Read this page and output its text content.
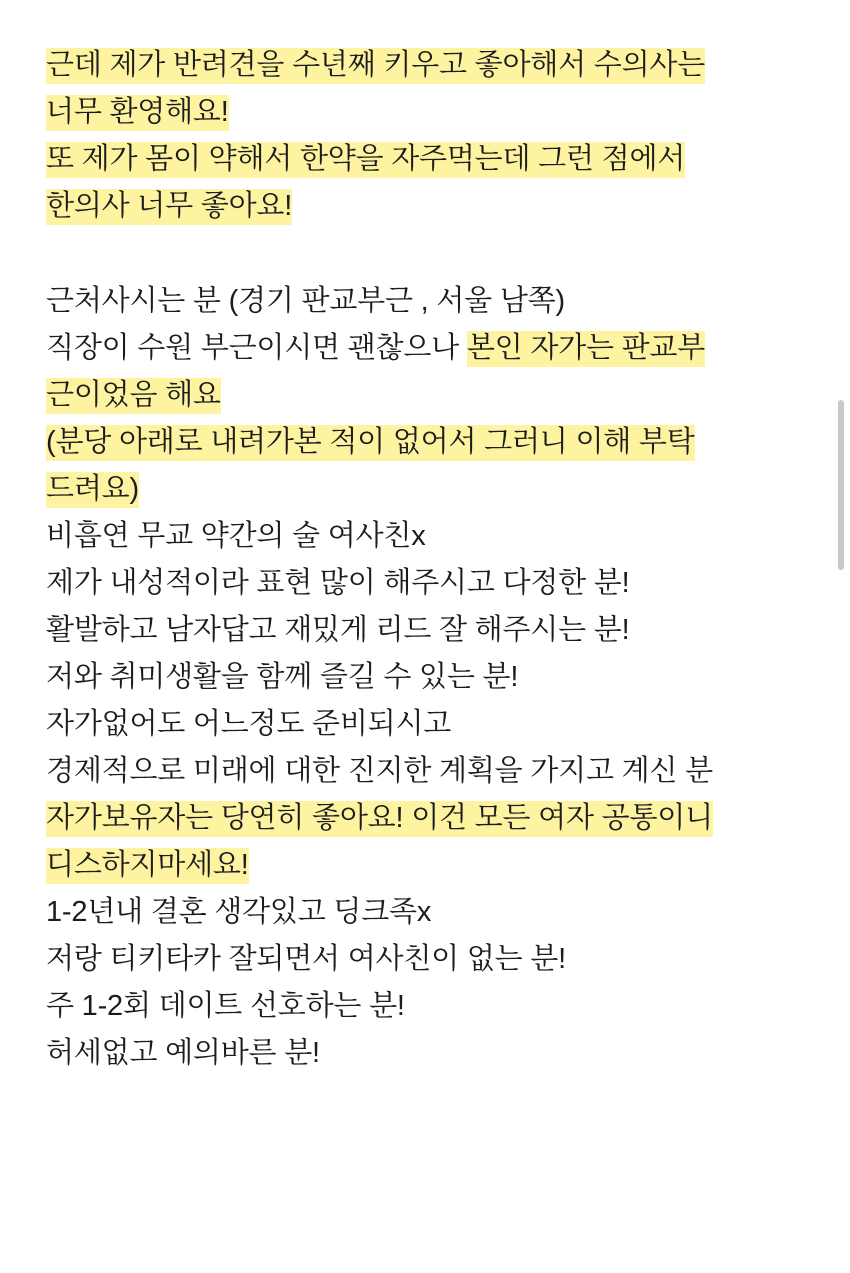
근데 제가 반려견을 수년째 키우고 좋아해서 수의사는
너무 환영해요!
또 제가 몸이 약해서 한약을 자주먹는데 그런 점에서
한의사 너무 좋아요!
근처사시는 분 (경기 판교부근 , 서울 남쪽)
직장이 수원 부근이시면 괜찮으나 본인 자가는 판교부
근이었음 해요
(분당 아래로 내려가본 적이 없어서 그러니 이해 부탁
드려요)
비흡연 무교 약간의 술 여사친x
제가 내성적이라 표현 많이 해주시고 다정한 분!
활발하고 남자답고 재밌게 리드 잘 해주시는 분!
저와 취미생활을 함께 즐길 수 있는 분!
자가없어도 어느정도 준비되시고
경제적으로 미래에 대한 진지한 계획을 가지고 계신 분
자가보유자는 당연히 좋아요! 이건 모든 여자 공통이니
디스하지마세요!
1-2년내 결혼 생각있고 딩크족x
저랑 티키타카 잘되면서 여사친이 없는 분!
주 1-2회 데이트 선호하는 분!
허세없고 예의바른 분!
